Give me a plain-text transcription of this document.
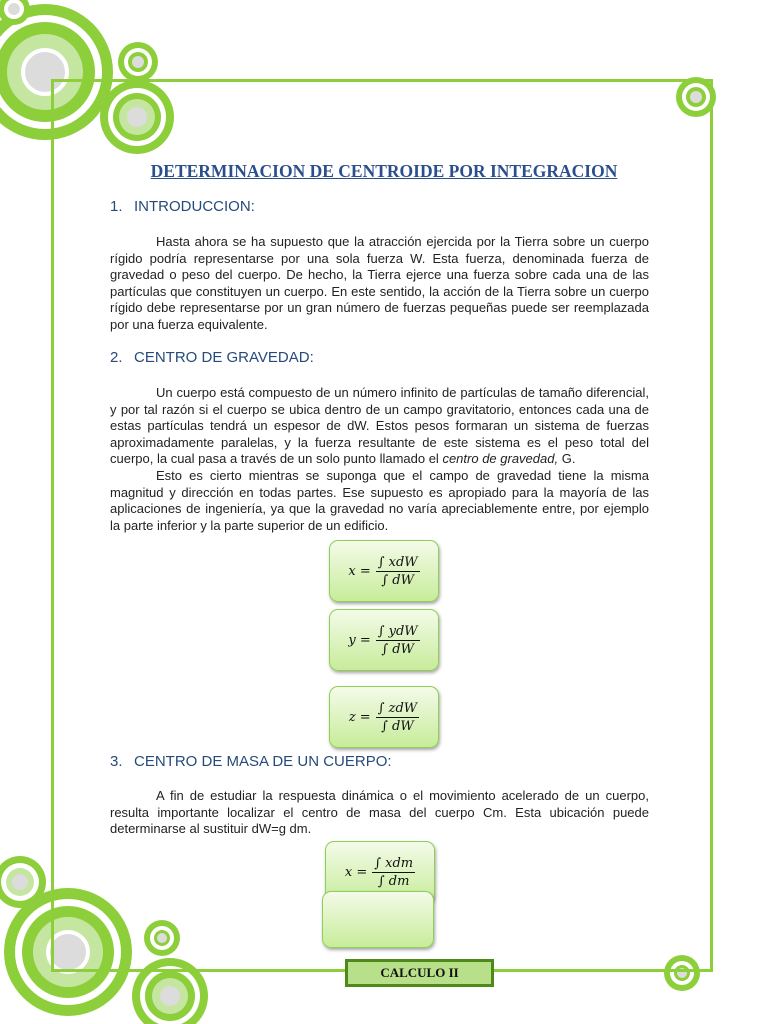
DETERMINACION DE CENTROIDE POR INTEGRACION
1. INTRODUCCION:

Hasta ahora se ha supuesto que la atracción ejercida por la Tierra sobre un cuerpo rígido podría representarse por una sola fuerza W. Esta fuerza, denominada fuerza de gravedad o peso del cuerpo. De hecho, la Tierra ejerce una fuerza sobre cada una de las partículas que constituyen un cuerpo. En este sentido, la acción de la Tierra sobre un cuerpo rígido debe representarse por un gran número de fuerzas pequeñas puede ser reemplazada por una fuerza equivalente.

2. CENTRO DE GRAVEDAD:

Un cuerpo está compuesto de un número infinito de partículas de tamaño diferencial, y por tal razón si el cuerpo se ubica dentro de un campo gravitatorio, entonces cada una de estas partículas tendrá un espesor de dW. Estos pesos formaran un sistema de fuerzas aproximadamente paralelas, y la fuerza resultante de este sistema es el peso total del cuerpo, la cual pasa a través de un solo punto llamado el centro de gravedad, G.

Esto es cierto mientras se suponga que el campo de gravedad tiene la misma magnitud y dirección en todas partes. Ese supuesto es apropiado para la mayoría de las aplicaciones de ingeniería, ya que la gravedad no varía apreciablemente entre, por ejemplo la parte inferior y la parte superior de un edificio.

$x = \frac{\text{∫ xdW}}{\int dW}$
$y = \frac{\text{∫ ydW}}{\int dW}$
$z = \frac{\text{∫ zdW}}{\int dW}$
3. CENTRO DE MASA DE UN CUERPO:

A fin de estudiar la respuesta dinámica o el movimiento acelerado de un cuerpo, resulta importante localizar el centro de masa del cuerpo Cm. Esta ubicación puede determinarse al sustituir dW=g dm.

$x = \frac{\text{∫ xdm}}{\int dm}$
CALCULO II
